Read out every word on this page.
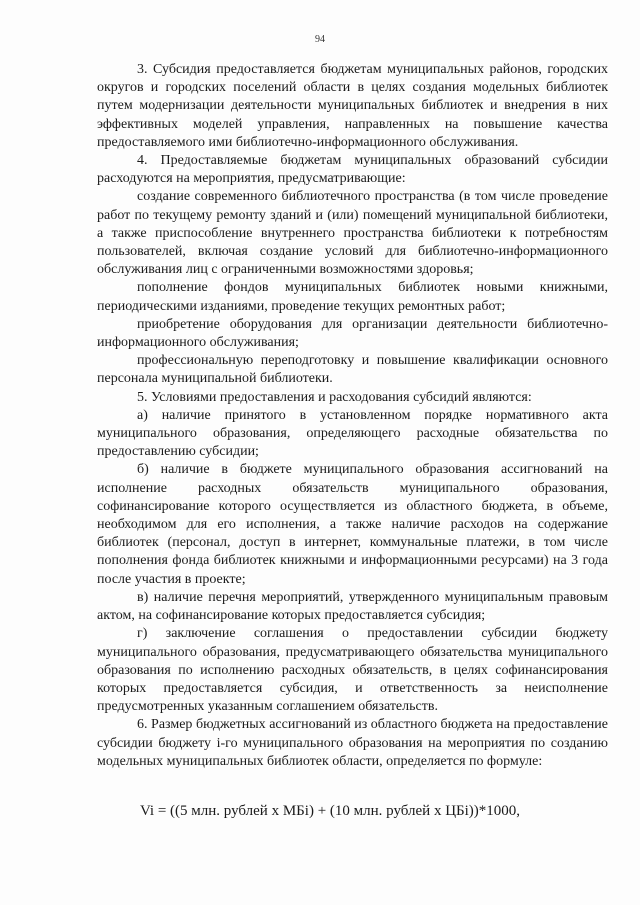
94

3. Субсидия предоставляется бюджетам муниципальных районов, городских округов и городских поселений области в целях создания модельных библиотек путем модернизации деятельности муниципальных библиотек и внедрения в них эффективных моделей управления, направленных на повышение качества предоставляемого ими библиотечно-информационного обслуживания.

4. Предоставляемые бюджетам муниципальных образований субсидии расходуются на мероприятия, предусматривающие:

создание современного библиотечного пространства (в том числе проведение работ по текущему ремонту зданий и (или) помещений муниципальной библиотеки, а также приспособление внутреннего пространства библиотеки к потребностям пользователей, включая создание условий для библиотечно-информационного обслуживания лиц с ограниченными возможностями здоровья;

пополнение фондов муниципальных библиотек новыми книжными, периодическими изданиями, проведение текущих ремонтных работ;

приобретение оборудования для организации деятельности библиотечно-информационного обслуживания;

профессиональную переподготовку и повышение квалификации основного персонала муниципальной библиотеки.

5. Условиями предоставления и расходования субсидий являются:

а) наличие принятого в установленном порядке нормативного акта муниципального образования, определяющего расходные обязательства по предоставлению субсидии;

б) наличие в бюджете муниципального образования ассигнований на исполнение расходных обязательств муниципального образования, софинансирование которого осуществляется из областного бюджета, в объеме, необходимом для его исполнения, а также наличие расходов на содержание библиотек (персонал, доступ в интернет, коммунальные платежи, в том числе пополнения фонда библиотек книжными и информационными ресурсами) на 3 года после участия в проекте;

в) наличие перечня мероприятий, утвержденного муниципальным правовым актом, на софинансирование которых предоставляется субсидия;

г) заключение соглашения о предоставлении субсидии бюджету муниципального образования, предусматривающего обязательства муниципального образования по исполнению расходных обязательств, в целях софинансирования которых предоставляется субсидия, и ответственность за неисполнение предусмотренных указанным соглашением обязательств.

6. Размер бюджетных ассигнований из областного бюджета на предоставление субсидии бюджету i-го муниципального образования на мероприятия по созданию модельных муниципальных библиотек области, определяется по формуле:

Vi = ((5 млн. рублей x МБi) + (10 млн. рублей x ЦБi))*1000,
